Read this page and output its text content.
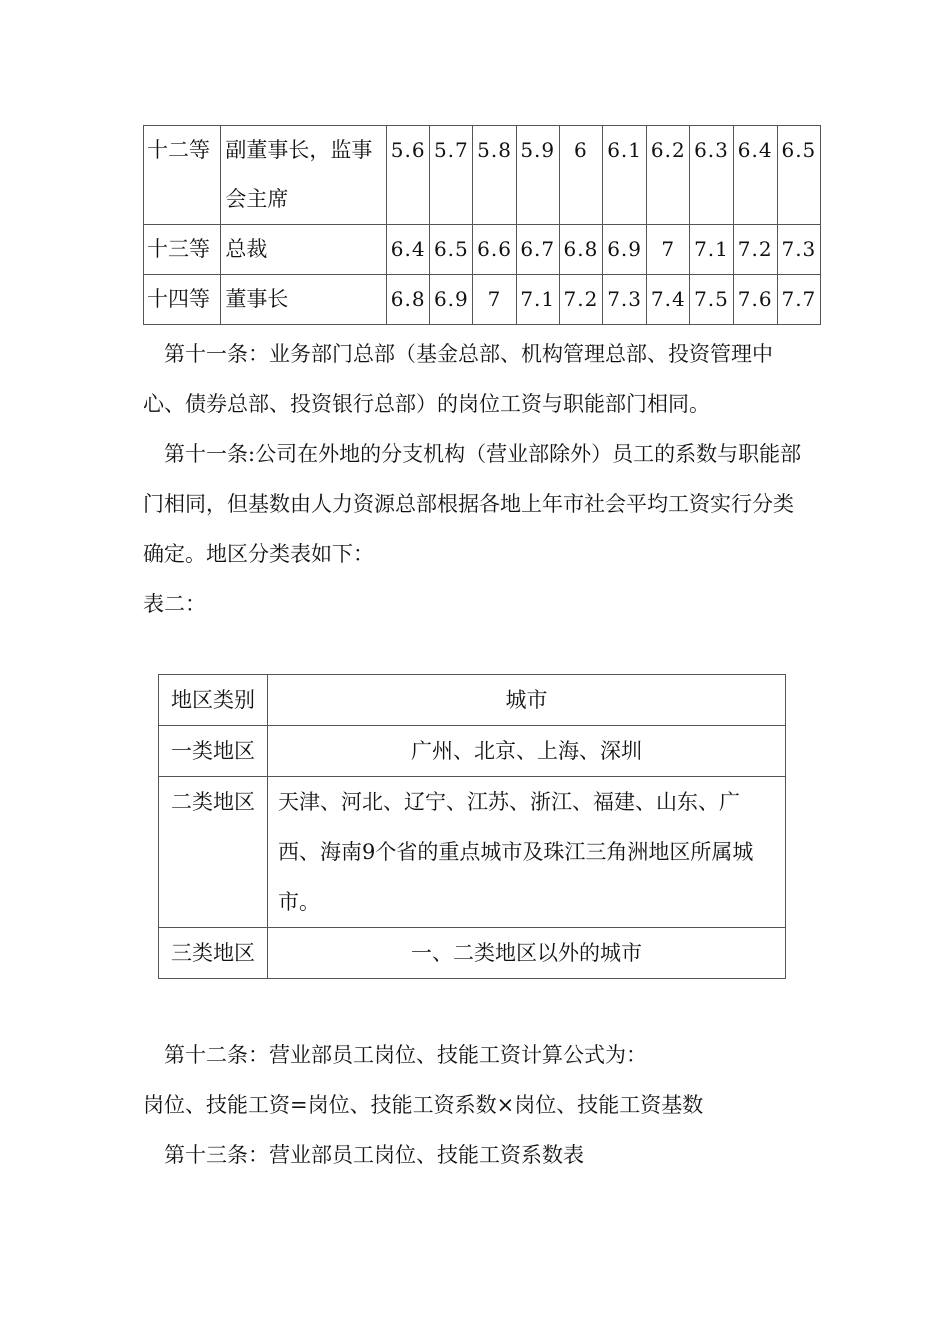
十二等	副董事长，监事会主席	5.6	5.7	5.8	5.9	6	6.1	6.2	6.3	6.4	6.5
十三等	总裁	6.4	6.5	6.6	6.7	6.8	6.9	7	7.1	7.2	7.3
十四等	董事长	6.8	6.9	7	7.1	7.2	7.3	7.4	7.5	7.6	7.7
　第十一条：业务部门总部（基金总部、机构管理总部、投资管理中心、债券总部、投资银行总部）的岗位工资与职能部门相同。
　第十一条:公司在外地的分支机构（营业部除外）员工的系数与职能部门相同，但基数由人力资源总部根据各地上年市社会平均工资实行分类确定。地区分类表如下：
表二：
地区类别	城市
一类地区	广州、北京、上海、深圳
二类地区	天津、河北、辽宁、江苏、浙江、福建、山东、广西、海南9个省的重点城市及珠江三角洲地区所属城市。
三类地区	一、二类地区以外的城市
　第十二条：营业部员工岗位、技能工资计算公式为：
岗位、技能工资=岗位、技能工资系数×岗位、技能工资基数
　第十三条：营业部员工岗位、技能工资系数表
